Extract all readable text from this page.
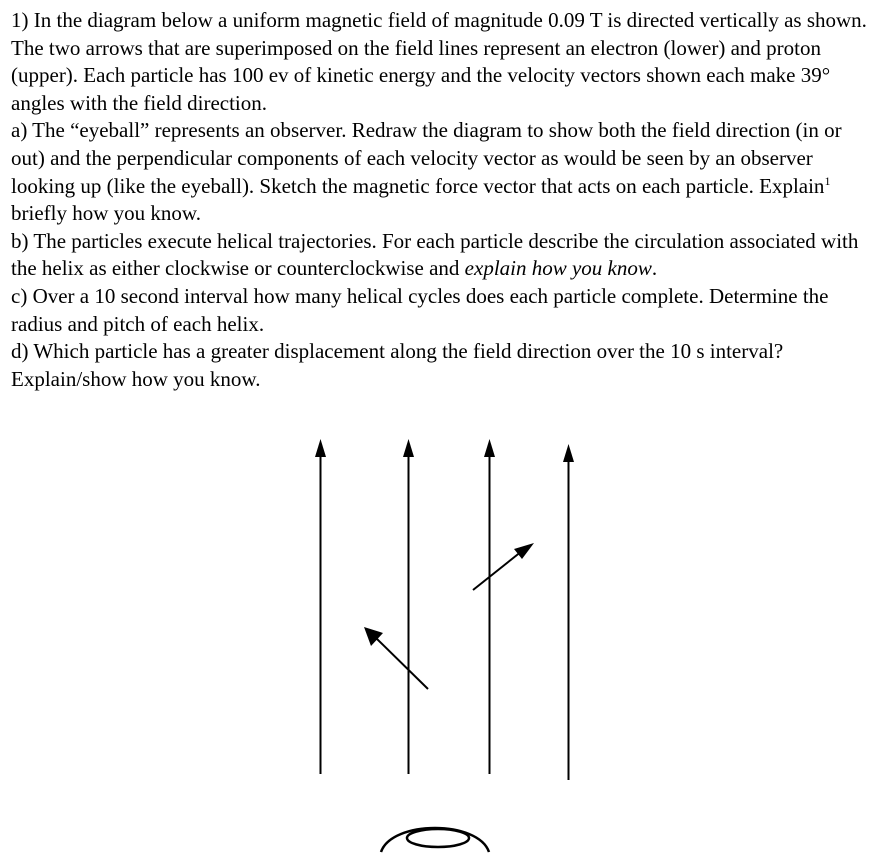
1) In the diagram below a uniform magnetic field of magnitude 0.09 T is directed vertically as shown. The two arrows that are superimposed on the field lines represent an electron (lower) and proton (upper). Each particle has 100 ev of kinetic energy and the velocity vectors shown each make 39° angles with the field direction.

a) The “eyeball” represents an observer. Redraw the diagram to show both the field direction (in or out) and the perpendicular components of each velocity vector as would be seen by an observer looking up (like the eyeball). Sketch the magnetic force vector that acts on each particle. Explain$^1$ briefly how you know.

b) The particles execute helical trajectories. For each particle describe the circulation associated with the helix as either clockwise or counterclockwise and explain how you know.

c) Over a 10 second interval how many helical cycles does each particle complete. Determine the radius and pitch of each helix.

d) Which particle has a greater displacement along the field direction over the 10 s interval? Explain/show how you know.
